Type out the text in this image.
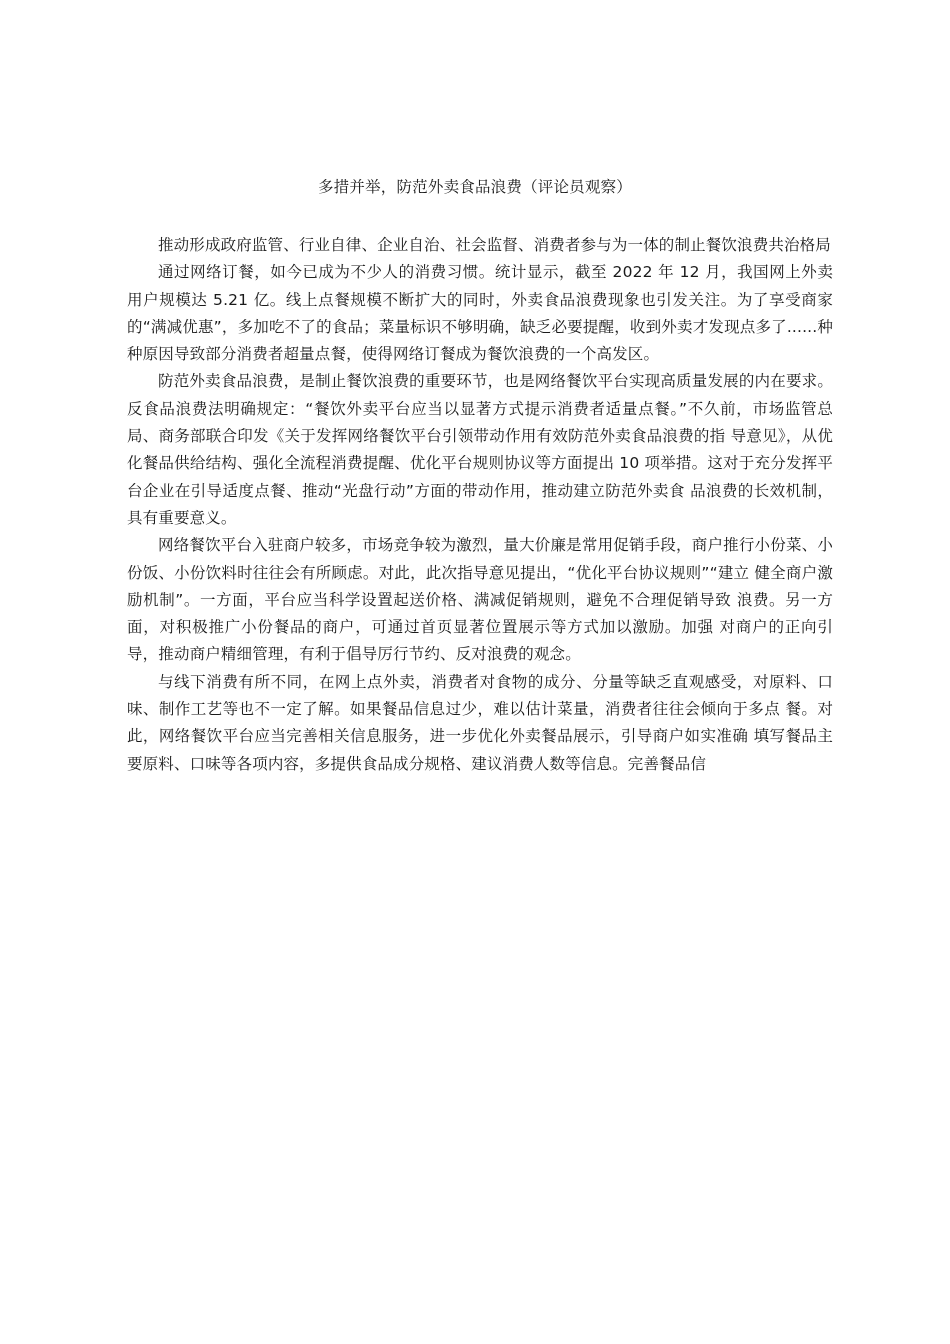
多措并举，防范外卖食品浪费（评论员观察）

推动形成政府监管、行业自律、企业自治、社会监督、消费者参与为一体的制止餐饮浪费共治格局

通过网络订餐，如今已成为不少人的消费习惯。统计显示，截至 2022 年 12 月，我国网上外卖用户规模达 5.21 亿。线上点餐规模不断扩大的同时，外卖食品浪费现象也引发关注。为了享受商家的“满减优惠”，多加吃不了的食品；菜量标识不够明确，缺乏必要提醒，收到外卖才发现点多了......种种原因导致部分消费者超量点餐，使得网络订餐成为餐饮浪费的一个高发区。

防范外卖食品浪费，是制止餐饮浪费的重要环节，也是网络餐饮平台实现高质量发展的内在要求。反食品浪费法明确规定：“餐饮外卖平台应当以显著方式提示消费者适量点餐。”不久前，市场监管总局、商务部联合印发《关于发挥网络餐饮平台引领带动作用有效防范外卖食品浪费的指 导意见》，从优化餐品供给结构、强化全流程消费提醒、优化平台规则协议等方面提出 10 项举措。这对于充分发挥平台企业在引导适度点餐、推动“光盘行动”方面的带动作用，推动建立防范外卖食 品浪费的长效机制，具有重要意义。

网络餐饮平台入驻商户较多，市场竞争较为激烈，量大价廉是常用促销手段，商户推行小份菜、小份饭、小份饮料时往往会有所顾虑。对此，此次指导意见提出，“优化平台协议规则”“建立 健全商户激励机制”。一方面，平台应当科学设置起送价格、满减促销规则，避免不合理促销导致 浪费。另一方面，对积极推广小份餐品的商户，可通过首页显著位置展示等方式加以激励。加强 对商户的正向引导，推动商户精细管理，有利于倡导厉行节约、反对浪费的观念。

与线下消费有所不同，在网上点外卖，消费者对食物的成分、分量等缺乏直观感受，对原料、口味、制作工艺等也不一定了解。如果餐品信息过少，难以估计菜量，消费者往往会倾向于多点 餐。对此，网络餐饮平台应当完善相关信息服务，进一步优化外卖餐品展示，引导商户如实准确 填写餐品主要原料、口味等各项内容，多提供食品成分规格、建议消费人数等信息。完善餐品信
